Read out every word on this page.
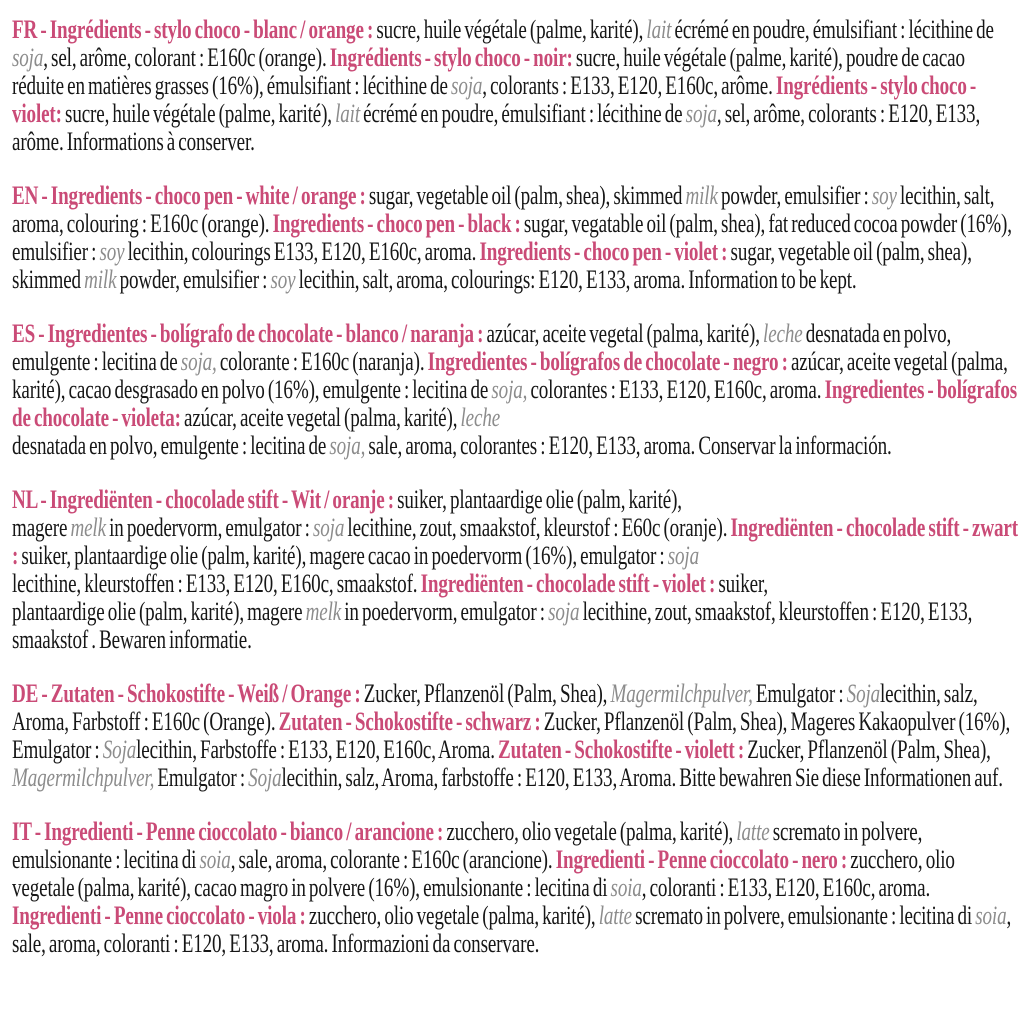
FR - Ingrédients - stylo choco - blanc / orange : sucre, huile végétale (palme, karité), lait écrémé en poudre, émulsifiant : lécithine de soja, sel, arôme, colorant : E160c (orange). Ingrédients - stylo choco - noir: sucre, huile végétale (palme, karité), poudre de cacao réduite en matières grasses (16%), émulsifiant : lécithine de soja, colorants : E133, E120, E160c, arôme. Ingrédients - stylo choco - violet: sucre, huile végétale (palme, karité), lait écrémé en poudre, émulsifiant : lécithine de soja, sel, arôme, colorants : E120, E133, arôme. Informations à conserver.

EN - Ingredients - choco pen - white / orange : sugar, vegetable oil (palm, shea), skimmed milk powder, emulsifier : soy lecithin, salt, aroma, colouring : E160c (orange). Ingredients - choco pen - black : sugar, vegatable oil (palm, shea), fat reduced cocoa powder (16%), emulsifier : soy lecithin, colourings E133, E120, E160c, aroma. Ingredients - choco pen - violet : sugar, vegetable oil (palm, shea), skimmed milk powder, emulsifier : soy lecithin, salt, aroma, colourings: E120, E133, aroma. Information to be kept.

ES - Ingredientes - bolígrafo de chocolate - blanco / naranja : azúcar, aceite vegetal (palma, karité), leche desnatada en polvo, emulgente : lecitina de soja, colorante : E160c (naranja). Ingredientes - bolígrafos de chocolate - negro : azúcar, aceite vegetal (palma, karité), cacao desgrasado en polvo (16%), emulgente : lecitina de soja, colorantes : E133, E120, E160c, aroma. Ingredientes - bolígrafos de chocolate - violeta: azúcar, aceite vegetal (palma, karité), leche
desnatada en polvo, emulgente : lecitina de soja, sale, aroma, colorantes : E120, E133, aroma. Conservar la información.

NL - Ingrediënten - chocolade stift - Wit / oranje : suiker, plantaardige olie (palm, karité),
magere melk in poedervorm, emulgator : soja lecithine, zout, smaakstof, kleurstof : E60c (oranje). Ingrediënten - chocolade stift - zwart : suiker, plantaardige olie (palm, karité), magere cacao in poedervorm (16%), emulgator : soja
lecithine, kleurstoffen : E133, E120, E160c, smaakstof. Ingrediënten - chocolade stift - violet : suiker,
plantaardige olie (palm, karité), magere melk in poedervorm, emulgator : soja lecithine, zout, smaakstof, kleurstoffen : E120, E133, smaakstof . Bewaren informatie.

DE - Zutaten - Schokostifte - Weiß / Orange : Zucker, Pflanzenöl (Palm, Shea), Magermilchpulver, Emulgator : Sojalecithin, salz, Aroma, Farbstoff : E160c (Orange). Zutaten - Schokostifte - schwarz : Zucker, Pflanzenöl (Palm, Shea), Mageres Kakaopulver (16%), Emulgator : Sojalecithin, Farbstoffe : E133, E120, E160c, Aroma. Zutaten - Schokostifte - violett : Zucker, Pflanzenöl (Palm, Shea), Magermilchpulver, Emulgator : Sojalecithin, salz, Aroma, farbstoffe : E120, E133, Aroma. Bitte bewahren Sie diese Informationen auf.

IT - Ingredienti - Penne cioccolato - bianco / arancione : zucchero, olio vegetale (palma, karité), latte scremato in polvere, emulsionante : lecitina di soia, sale, aroma, colorante : E160c (arancione). Ingredienti - Penne cioccolato - nero : zucchero, olio vegetale (palma, karité), cacao magro in polvere (16%), emulsionante : lecitina di soia, coloranti : E133, E120, E160c, aroma. Ingredienti - Penne cioccolato - viola : zucchero, olio vegetale (palma, karité), latte scremato in polvere, emulsionante : lecitina di soia, sale, aroma, coloranti : E120, E133, aroma. Informazioni da conservare.
